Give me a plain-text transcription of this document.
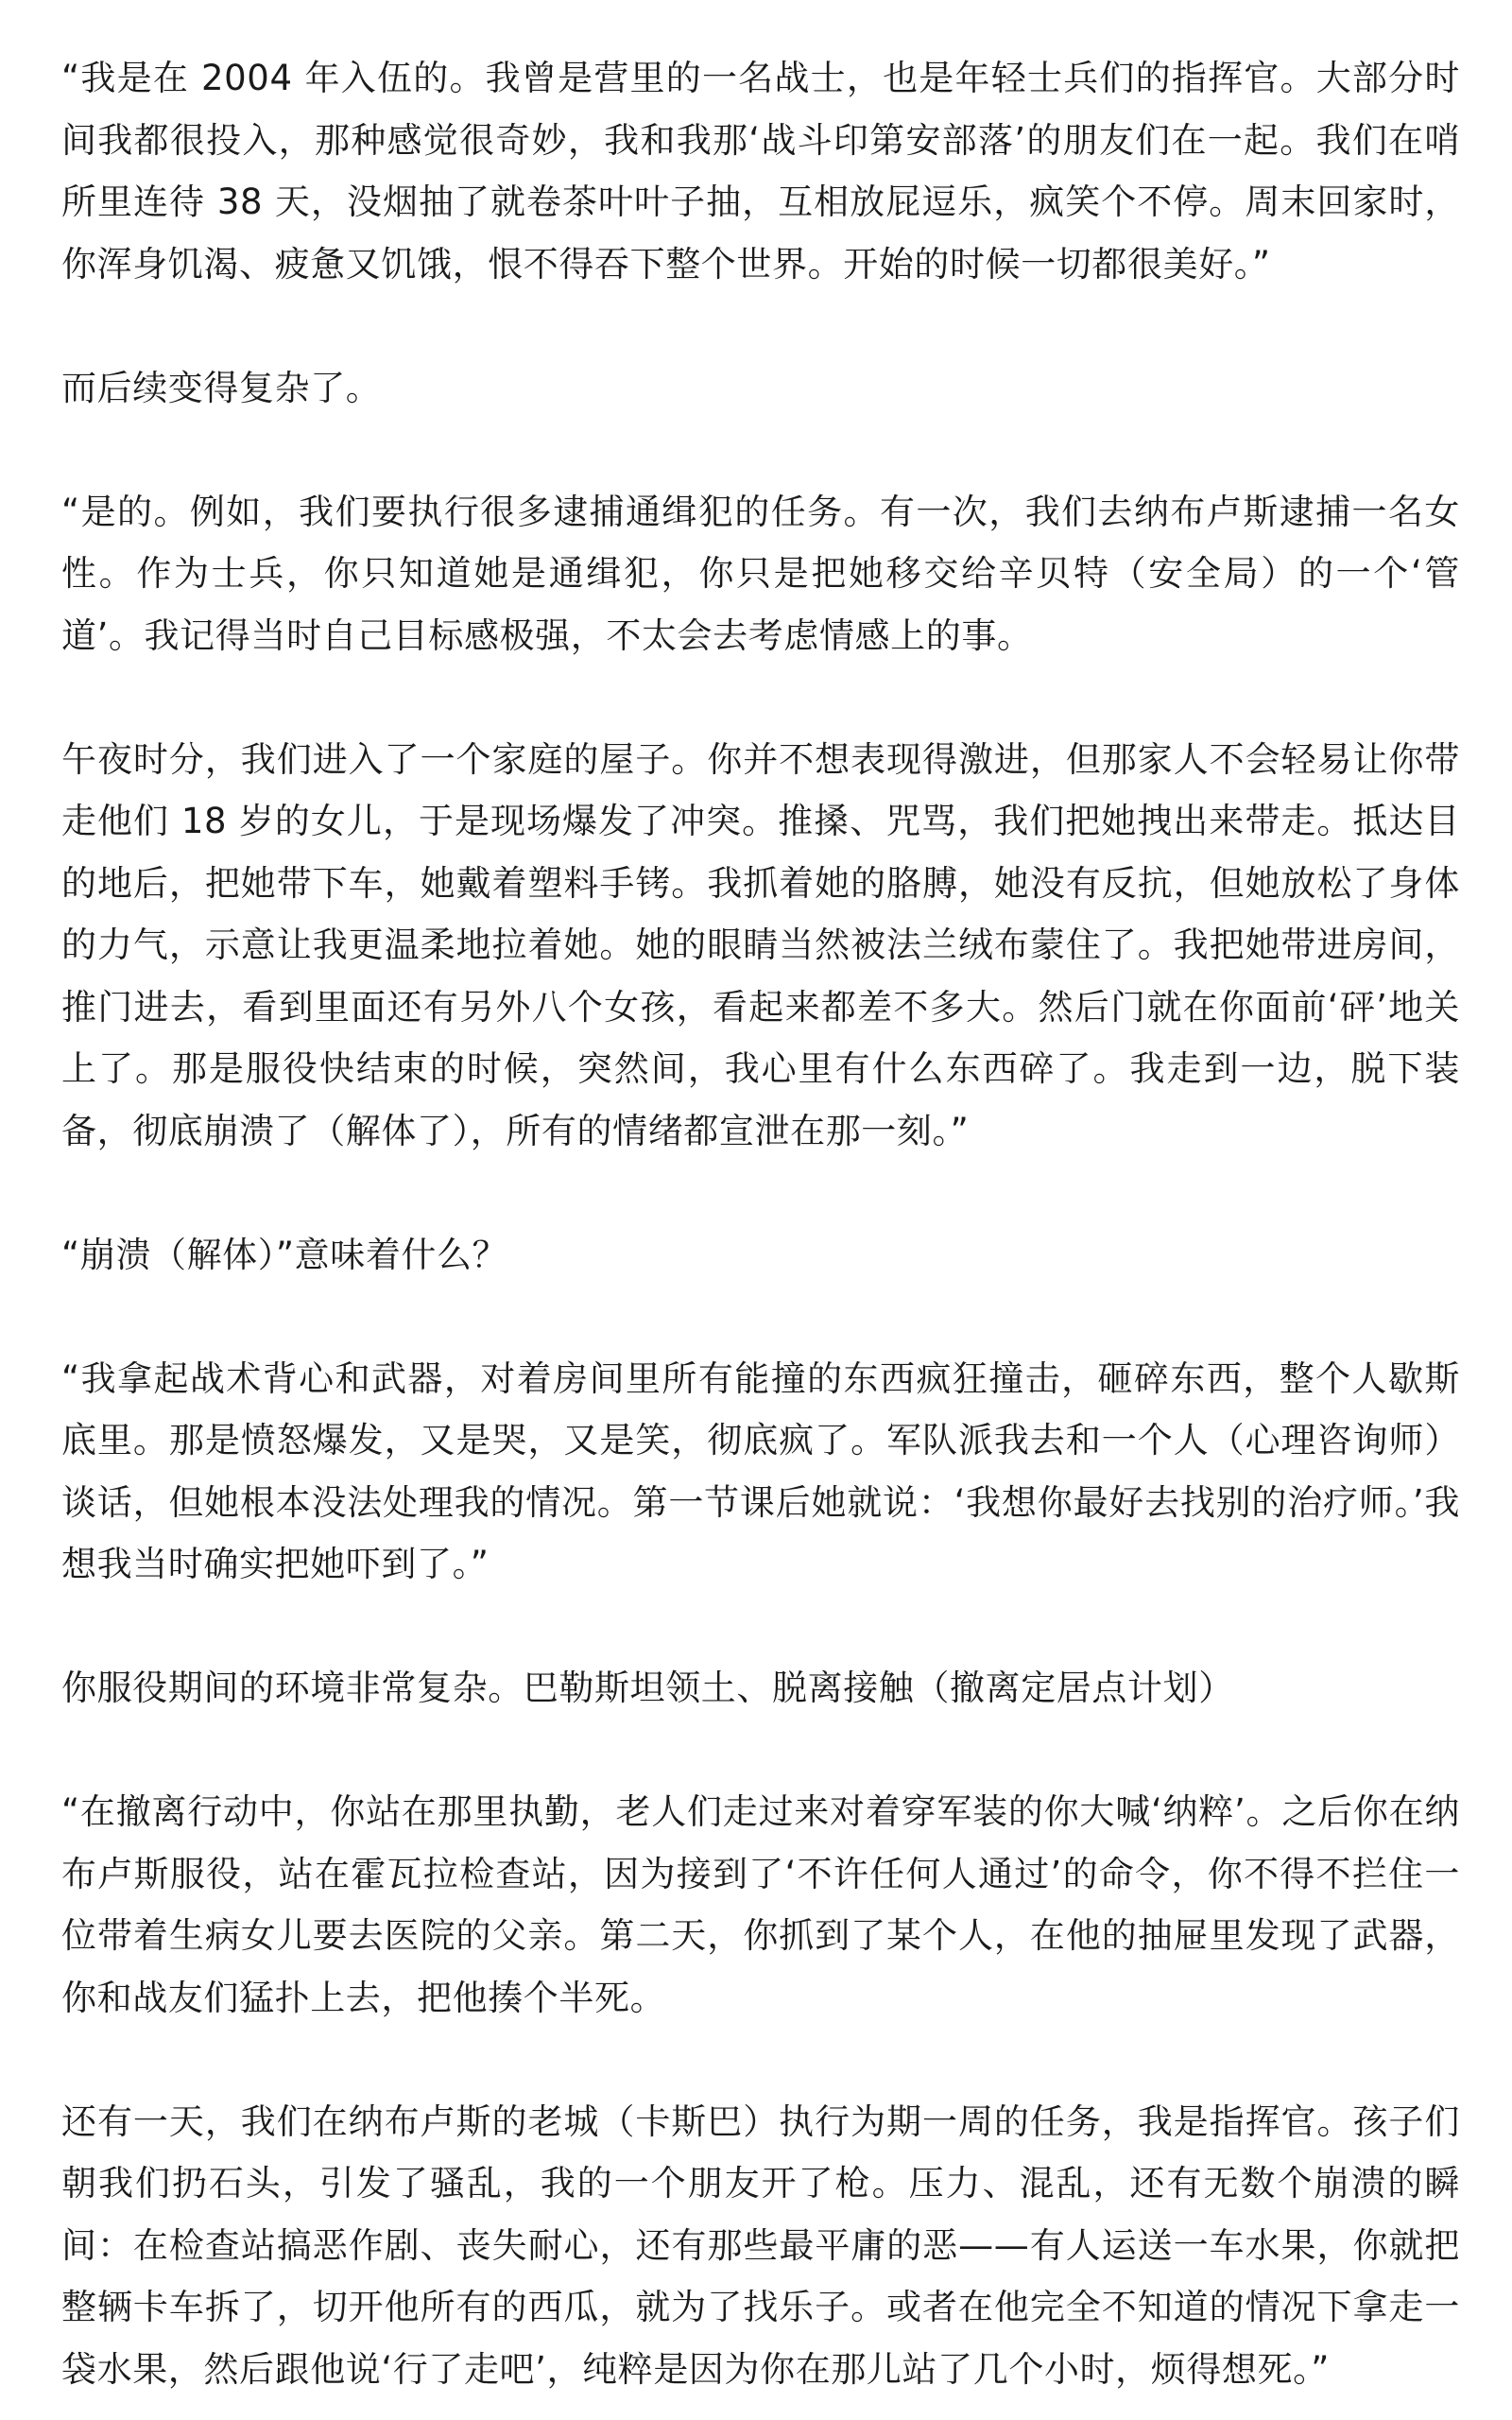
“我是在 2004 年入伍的。我曾是营里的一名战士，也是年轻士兵们的指挥官。大部分时间我都很投入，那种感觉很奇妙，我和我那‘战斗印第安部落’的朋友们在一起。我们在哨所里连待 38 天，没烟抽了就卷茶叶叶子抽，互相放屁逗乐，疯笑个不停。周末回家时，你浑身饥渴、疲惫又饥饿，恨不得吞下整个世界。开始的时候一切都很美好。”

而后续变得复杂了。

“是的。例如，我们要执行很多逮捕通缉犯的任务。有一次，我们去纳布卢斯逮捕一名女性。作为士兵，你只知道她是通缉犯，你只是把她移交给辛贝特（安全局）的一个‘管道’。我记得当时自己目标感极强，不太会去考虑情感上的事。

午夜时分，我们进入了一个家庭的屋子。你并不想表现得激进，但那家人不会轻易让你带走他们 18 岁的女儿，于是现场爆发了冲突。推搡、咒骂，我们把她拽出来带走。抵达目的地后，把她带下车，她戴着塑料手铐。我抓着她的胳膊，她没有反抗，但她放松了身体的力气，示意让我更温柔地拉着她。她的眼睛当然被法兰绒布蒙住了。我把她带进房间，推门进去，看到里面还有另外八个女孩，看起来都差不多大。然后门就在你面前‘砰’地关上了。那是服役快结束的时候，突然间，我心里有什么东西碎了。我走到一边，脱下装备，彻底崩溃了（解体了），所有的情绪都宣泄在那一刻。”

“崩溃（解体）”意味着什么？

“我拿起战术背心和武器，对着房间里所有能撞的东西疯狂撞击，砸碎东西，整个人歇斯底里。那是愤怒爆发，又是哭，又是笑，彻底疯了。军队派我去和一个人（心理咨询师）谈话，但她根本没法处理我的情况。第一节课后她就说：‘我想你最好去找别的治疗师。’我想我当时确实把她吓到了。”

你服役期间的环境非常复杂。巴勒斯坦领土、脱离接触（撤离定居点计划）

“在撤离行动中，你站在那里执勤，老人们走过来对着穿军装的你大喊‘纳粹’。之后你在纳布卢斯服役，站在霍瓦拉检查站，因为接到了‘不许任何人通过’的命令，你不得不拦住一位带着生病女儿要去医院的父亲。第二天，你抓到了某个人，在他的抽屉里发现了武器，你和战友们猛扑上去，把他揍个半死。

还有一天，我们在纳布卢斯的老城（卡斯巴）执行为期一周的任务，我是指挥官。孩子们朝我们扔石头，引发了骚乱，我的一个朋友开了枪。压力、混乱，还有无数个崩溃的瞬间：在检查站搞恶作剧、丧失耐心，还有那些最平庸的恶——有人运送一车水果，你就把整辆卡车拆了，切开他所有的西瓜，就为了找乐子。或者在他完全不知道的情况下拿走一袋水果，然后跟他说‘行了走吧’，纯粹是因为你在那儿站了几个小时，烦得想死。”
